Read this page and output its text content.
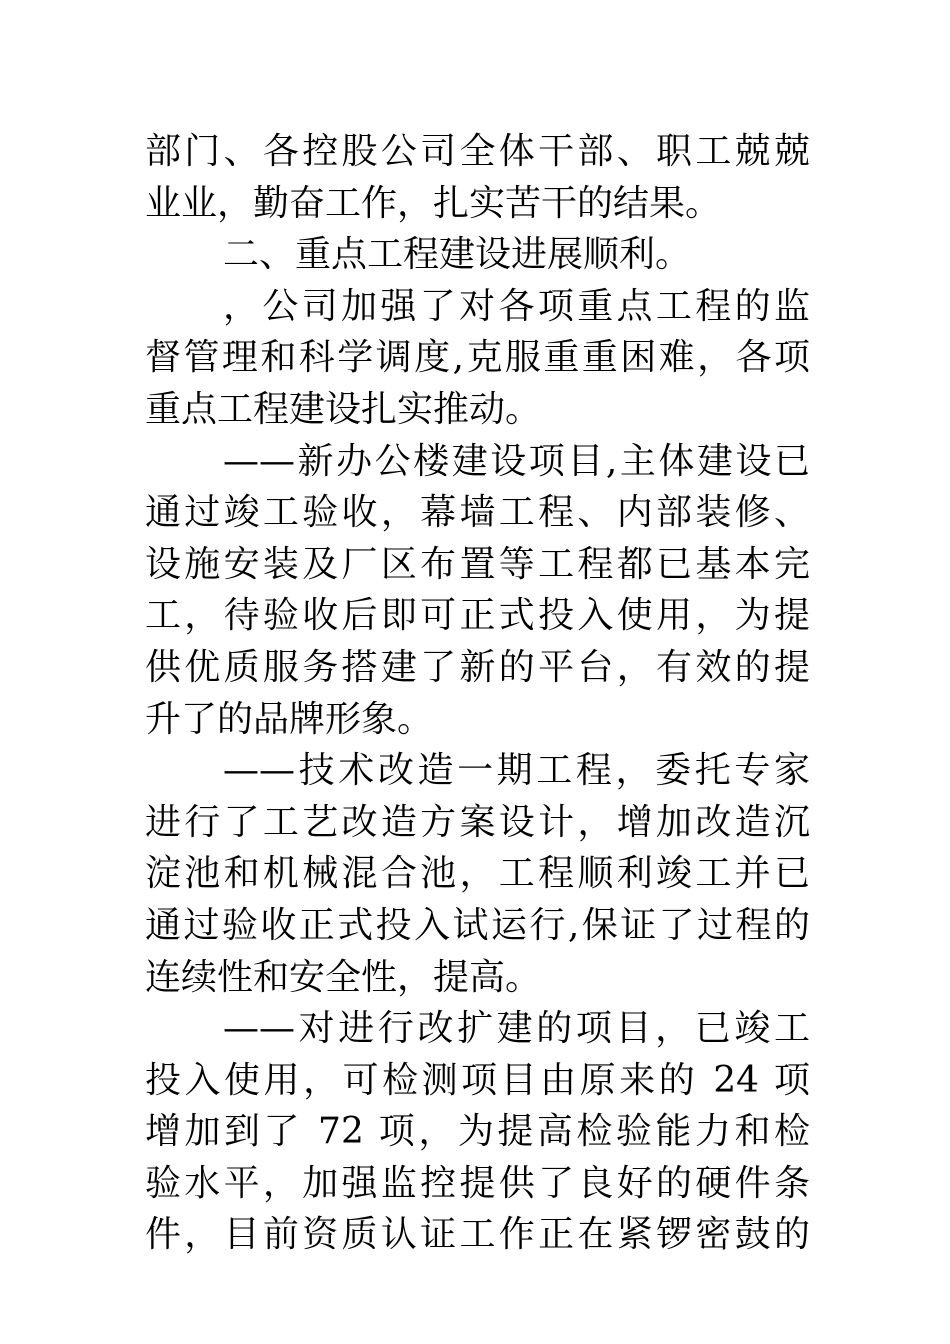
部门、各控股公司全体干部、职工兢兢
业业，勤奋工作，扎实苦干的结果。
二、重点工程建设进展顺利。
，公司加强了对各项重点工程的监
督管理和科学调度,克服重重困难，各项
重点工程建设扎实推动。
——新办公楼建设项目,主体建设已
通过竣工验收，幕墙工程、内部装修、
设施安装及厂区布置等工程都已基本完
工，待验收后即可正式投入使用，为提
供优质服务搭建了新的平台，有效的提
升了的品牌形象。
——技术改造一期工程，委托专家
进行了工艺改造方案设计，增加改造沉
淀池和机械混合池，工程顺利竣工并已
通过验收正式投入试运行,保证了过程的
连续性和安全性，提高。
——对进行改扩建的项目，已竣工
投入使用，可检测项目由原来的 24 项
增加到了 72 项，为提高检验能力和检
验水平，加强监控提供了良好的硬件条
件，目前资质认证工作正在紧锣密鼓的
